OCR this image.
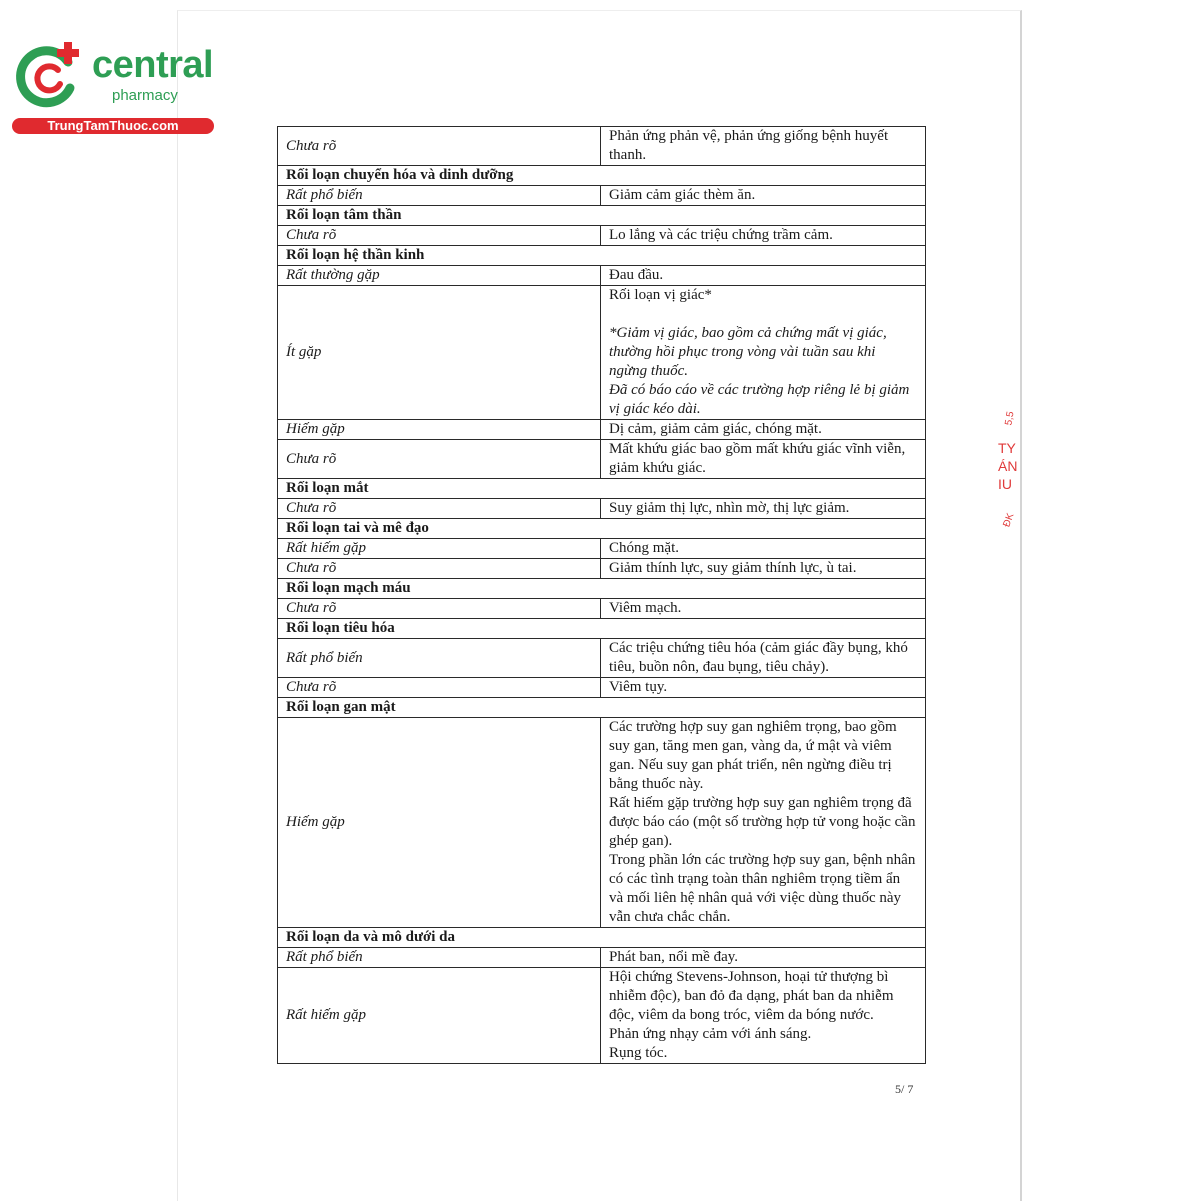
central
pharmacy
TrungTamThuoc.com
5,5
TY
ÁN
IU
ĐK
Chưa rõ	Phản ứng phản vệ, phản ứng giống bệnh huyết thanh.

Rối loạn chuyển hóa và dinh dưỡng	
Rất phổ biến	Giảm cảm giác thèm ăn.

Rối loạn tâm thần	
Chưa rõ	Lo lắng và các triệu chứng trầm cảm.

Rối loạn hệ thần kinh	
Rất thường gặp	Đau đầu.

Ít gặp	Rối loạn vị giác*
*Giảm vị giác, bao gồm cả chứng mất vị giác, thường hồi phục trong vòng vài tuần sau khi ngừng thuốc.
Đã có báo cáo về các trường hợp riêng lẻ bị giảm vị giác kéo dài.

Hiếm gặp	Dị cảm, giảm cảm giác, chóng mặt.

Chưa rõ	Mất khứu giác bao gồm mất khứu giác vĩnh viễn, giảm khứu giác.

Rối loạn mắt	
Chưa rõ	Suy giảm thị lực, nhìn mờ, thị lực giảm.

Rối loạn tai và mê đạo	
Rất hiếm gặp	Chóng mặt.

Chưa rõ	Giảm thính lực, suy giảm thính lực, ù tai.

Rối loạn mạch máu	
Chưa rõ	Viêm mạch.

Rối loạn tiêu hóa	
Rất phổ biến	Các triệu chứng tiêu hóa (cảm giác đầy bụng, khó tiêu, buồn nôn, đau bụng, tiêu chảy).

Chưa rõ	Viêm tụy.

Rối loạn gan mật	
Hiếm gặp	Các trường hợp suy gan nghiêm trọng, bao gồm suy gan, tăng men gan, vàng da, ứ mật và viêm gan. Nếu suy gan phát triển, nên ngừng điều trị bằng thuốc này.
Rất hiếm gặp trường hợp suy gan nghiêm trọng đã được báo cáo (một số trường hợp tử vong hoặc cần ghép gan).
Trong phần lớn các trường hợp suy gan, bệnh nhân có các tình trạng toàn thân nghiêm trọng tiềm ẩn và mối liên hệ nhân quả với việc dùng thuốc này vẫn chưa chắc chắn.

Rối loạn da và mô dưới da	
Rất phổ biến	Phát ban, nổi mề đay.

Rất hiếm gặp	Hội chứng Stevens-Johnson, hoại tử thượng bì nhiễm độc), ban đỏ đa dạng, phát ban da nhiễm độc, viêm da bong tróc, viêm da bóng nước.
Phản ứng nhạy cảm với ánh sáng.
Rụng tóc.
5/ 7
